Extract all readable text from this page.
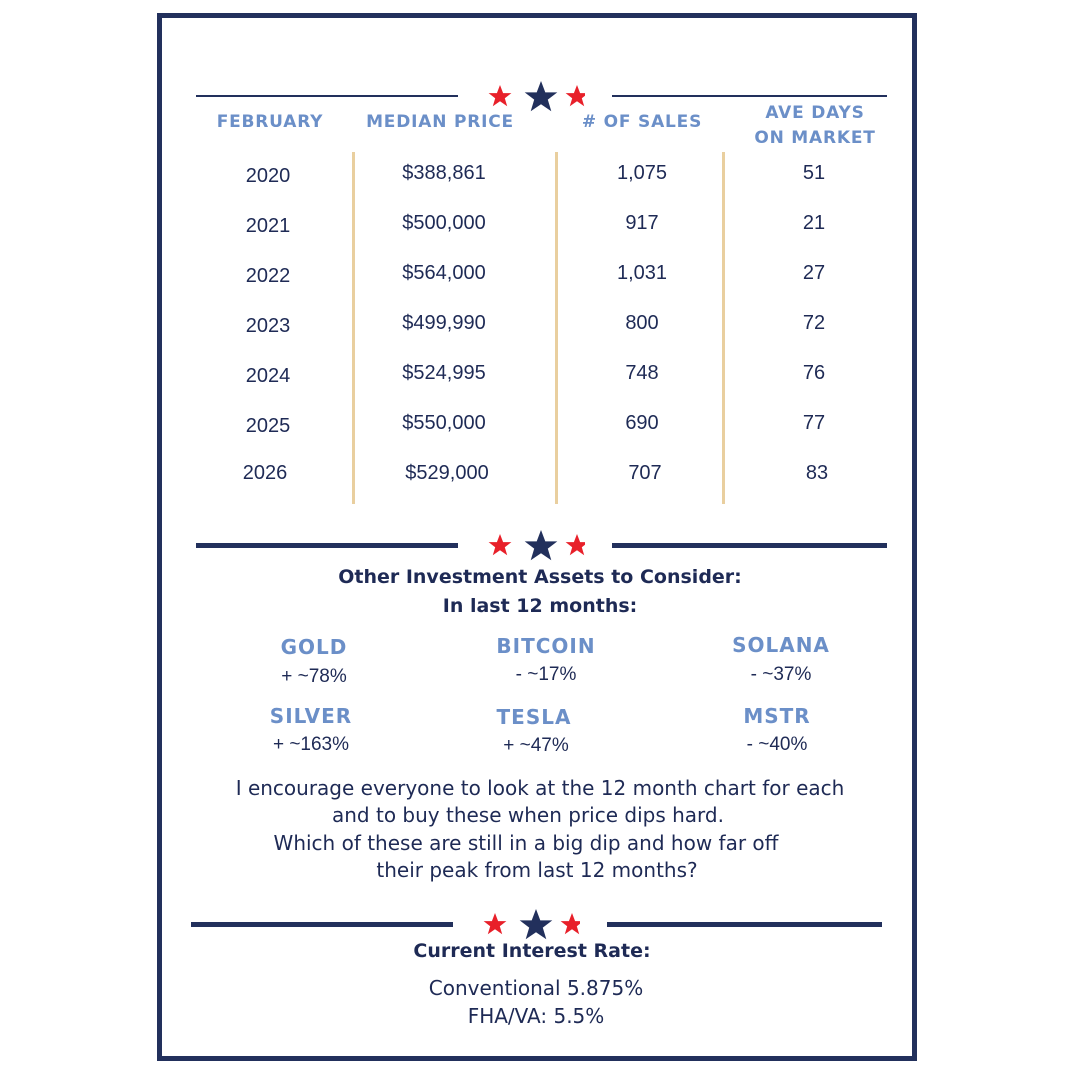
FEBRUARY	MEDIAN PRICE	# OF SALES	AVE DAYS
ON MARKET
2020	$388,861	1,075	51
2021	$500,000	917	21
2022	$564,000	1,031	27
2023	$499,990	800	72
2024	$524,995	748	76
2025	$550,000	690	77
2026	$529,000	707	83
Other Investment Assets to Consider:
In last 12 months:
GOLD
+ ~78%
BITCOIN
- ~17%
SOLANA
- ~37%
SILVER
+ ~163%
TESLA
+ ~47%
MSTR
- ~40%
I encourage everyone to look at the 12 month chart for each
and to buy these when price dips hard.
Which of these are still in a big dip and how far off
their peak from last 12 months?
Current Interest Rate:
Conventional 5.875%
FHA/VA: 5.5%
